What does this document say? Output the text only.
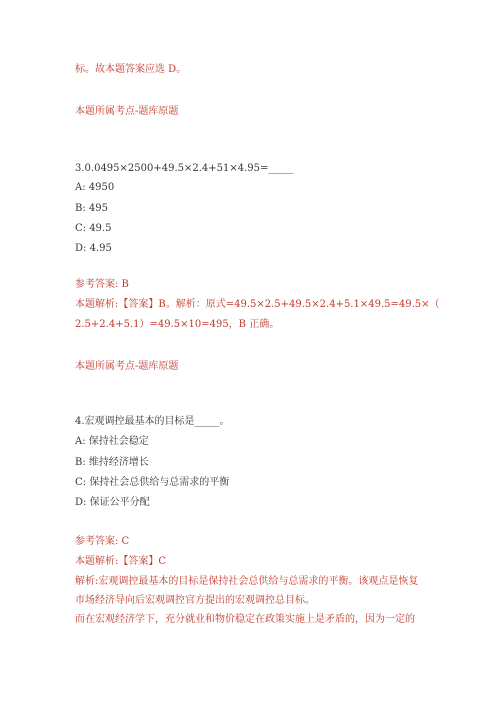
标。故本题答案应选 D。
本题所属考点-题库原题
3.0.0495×2500+49.5×2.4+51×4.95=_____
A: 4950
B: 495
C: 49.5
D: 4.95
参考答案: B
本题解析:【答案】B。解析：原式=49.5×2.5+49.5×2.4+5.1×49.5=49.5×（
2.5+2.4+5.1）=49.5×10=495，B 正确。
本题所属考点-题库原题
4.宏观调控最基本的目标是_____。
A: 保持社会稳定
B: 维持经济增长
C: 保持社会总供给与总需求的平衡
D: 保证公平分配
参考答案: C
本题解析:【答案】C
解析:宏观调控最基本的目标是保持社会总供给与总需求的平衡。该观点是恢复
市场经济导向后宏观调控官方提出的宏观调控总目标。
而在宏观经济学下，充分就业和物价稳定在政策实施上是矛盾的，因为一定的
